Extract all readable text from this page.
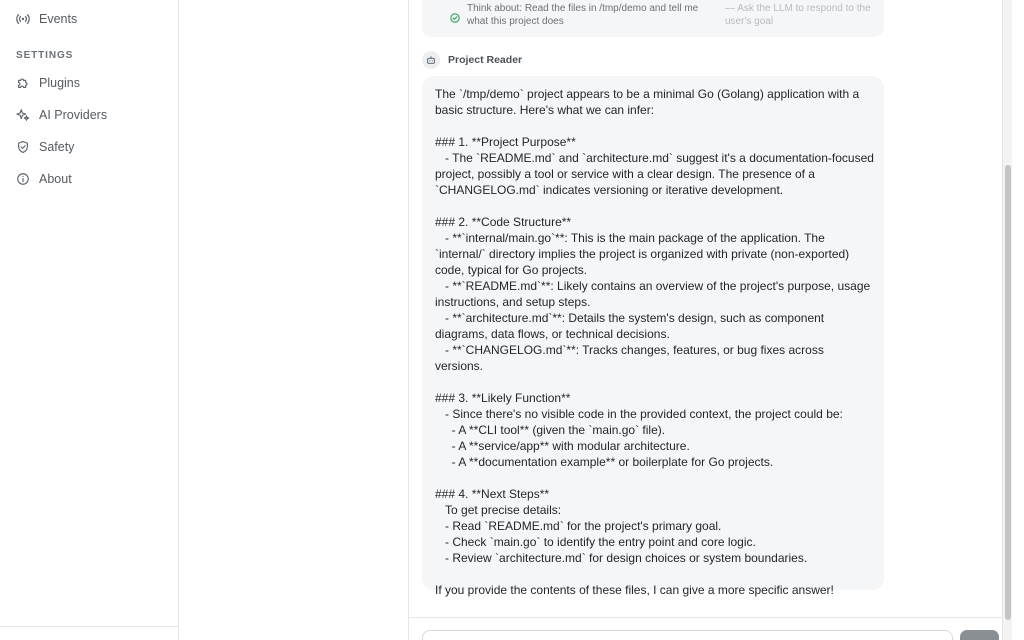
Events
SETTINGS
Plugins
AI Providers
Safety
About
Think about: Read the files in /tmp/demo and tell me what this project does
— Ask the LLM to respond to the user's goal
Project Reader
The `/tmp/demo` project appears to be a minimal Go (Golang) application with a basic structure. Here's what we can infer:

### 1. **Project Purpose**
- The `README.md` and `architecture.md` suggest it's a documentation-focused project, possibly a tool or service with a clear design. The presence of a `CHANGELOG.md` indicates versioning or iterative development.

### 2. **Code Structure**
- **`internal/main.go`**: This is the main package of the application. The `internal/` directory implies the project is organized with private (non-exported) code, typical for Go projects.
- **`README.md`**: Likely contains an overview of the project's purpose, usage instructions, and setup steps.
- **`architecture.md`**: Details the system's design, such as component diagrams, data flows, or technical decisions.
- **`CHANGELOG.md`**: Tracks changes, features, or bug fixes across versions.

### 3. **Likely Function**
- Since there's no visible code in the provided context, the project could be:
- A **CLI tool** (given the `main.go` file).
- A **service/app** with modular architecture.
- A **documentation example** or boilerplate for Go projects.

### 4. **Next Steps**
To get precise details:
- Read `README.md` for the project's primary goal.
- Check `main.go` to identify the entry point and core logic.
- Review `architecture.md` for design choices or system boundaries.

If you provide the contents of these files, I can give a more specific answer!
